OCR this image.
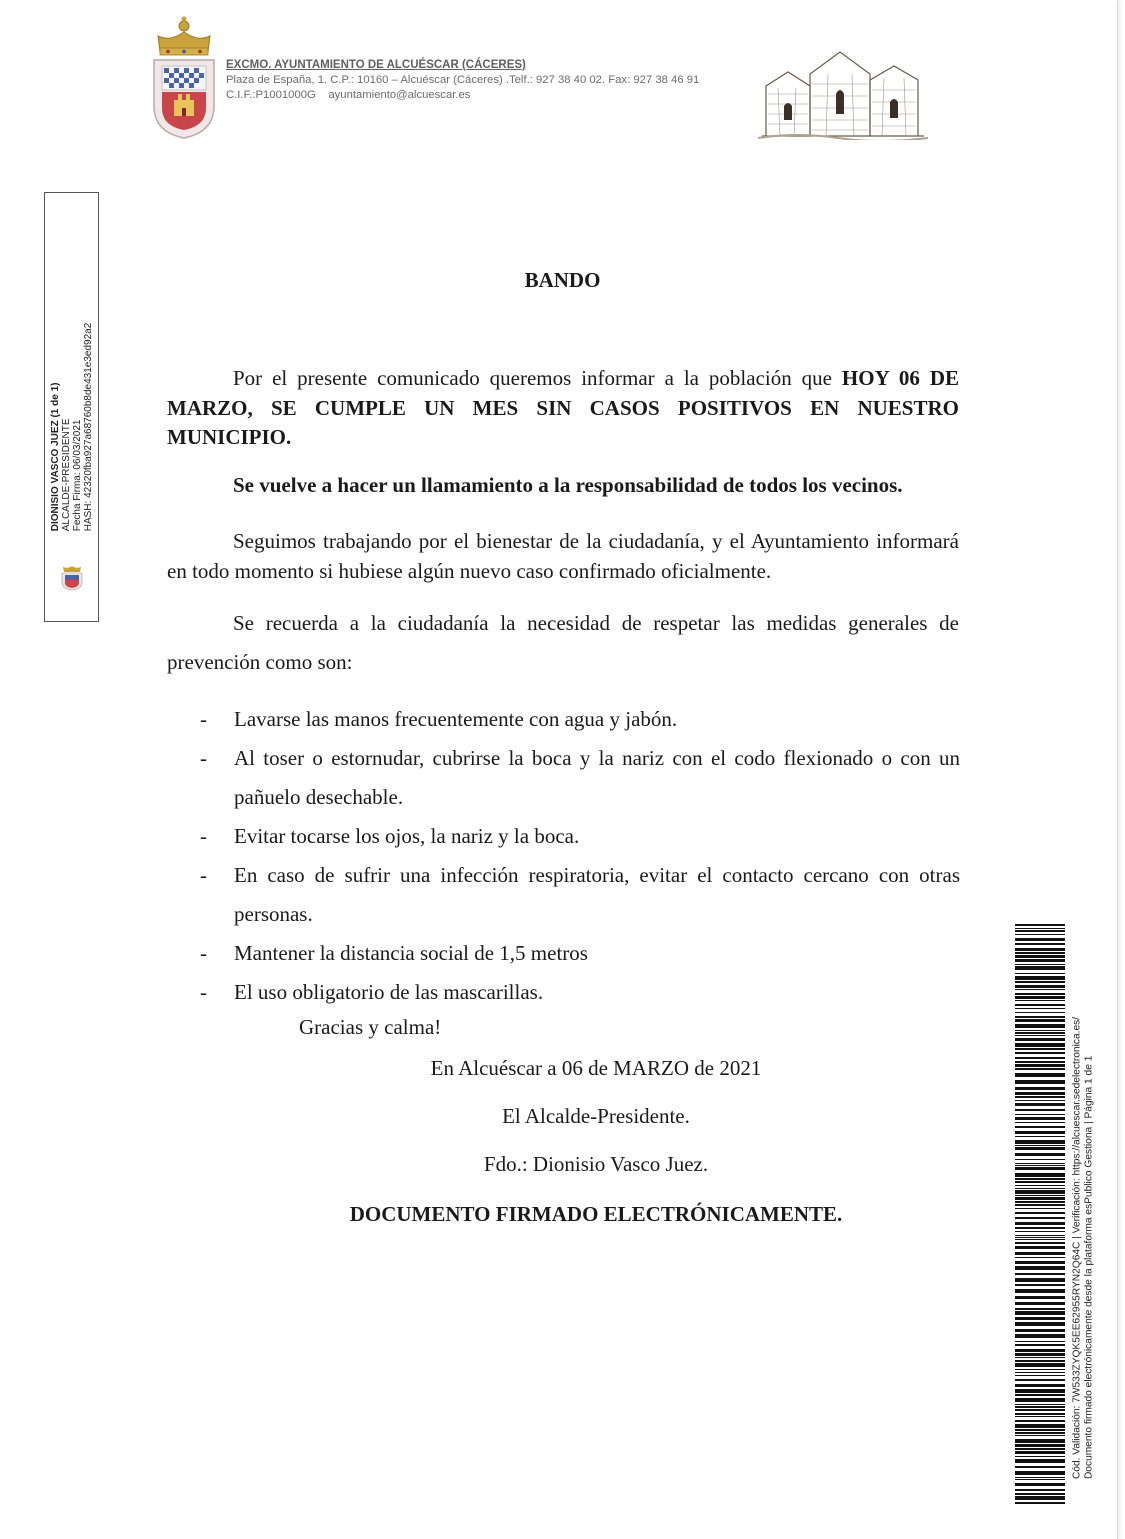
EXCMO. AYUNTAMIENTO DE ALCUÉSCAR (CÁCERES)
Plaza de España, 1. C.P.: 10160 – Alcuéscar (Cáceres) .Telf.: 927 38 40 02. Fax: 927 38 46 91
C.I.F.:P1001000G    ayuntamiento@alcuescar.es
DIONISIO VASCO JUEZ (1 de 1) ALCALDE-PRESIDENTE Fecha Firma: 06/03/2021 HASH: 42320fba927a68760b8de431e3ed92a2
BANDO

Por el presente comunicado queremos informar a la población que HOY 06 DE MARZO, SE CUMPLE UN MES SIN CASOS POSITIVOS EN NUESTRO MUNICIPIO.

Se vuelve a hacer un llamamiento a la responsabilidad de todos los vecinos.

Seguimos trabajando por el bienestar de la ciudadanía, y el Ayuntamiento informará en todo momento si hubiese algún nuevo caso confirmado oficialmente.

Se recuerda a la ciudadanía la necesidad de respetar las medidas generales de prevención como son:

- Lavarse las manos frecuentemente con agua y jabón.
- Al toser o estornudar, cubrirse la boca y la nariz con el codo flexionado o con un pañuelo desechable.
- Evitar tocarse los ojos, la nariz y la boca.
- En caso de sufrir una infección respiratoria, evitar el contacto cercano con otras personas.
- Mantener la distancia social de 1,5 metros
- El uso obligatorio de las mascarillas.
Gracias y calma!
En Alcuéscar a 06 de MARZO de 2021
El Alcalde-Presidente.
Fdo.: Dionisio Vasco Juez.
DOCUMENTO FIRMADO ELECTRÓNICAMENTE.	Cód. Validación: 7W533ZYQK5EE62955RYN2Q64C | Verificación: https://alcuescar.sedelectronica.es/ Documento firmado electrónicamente desde la plataforma esPublico Gestiona | Página 1 de 1
